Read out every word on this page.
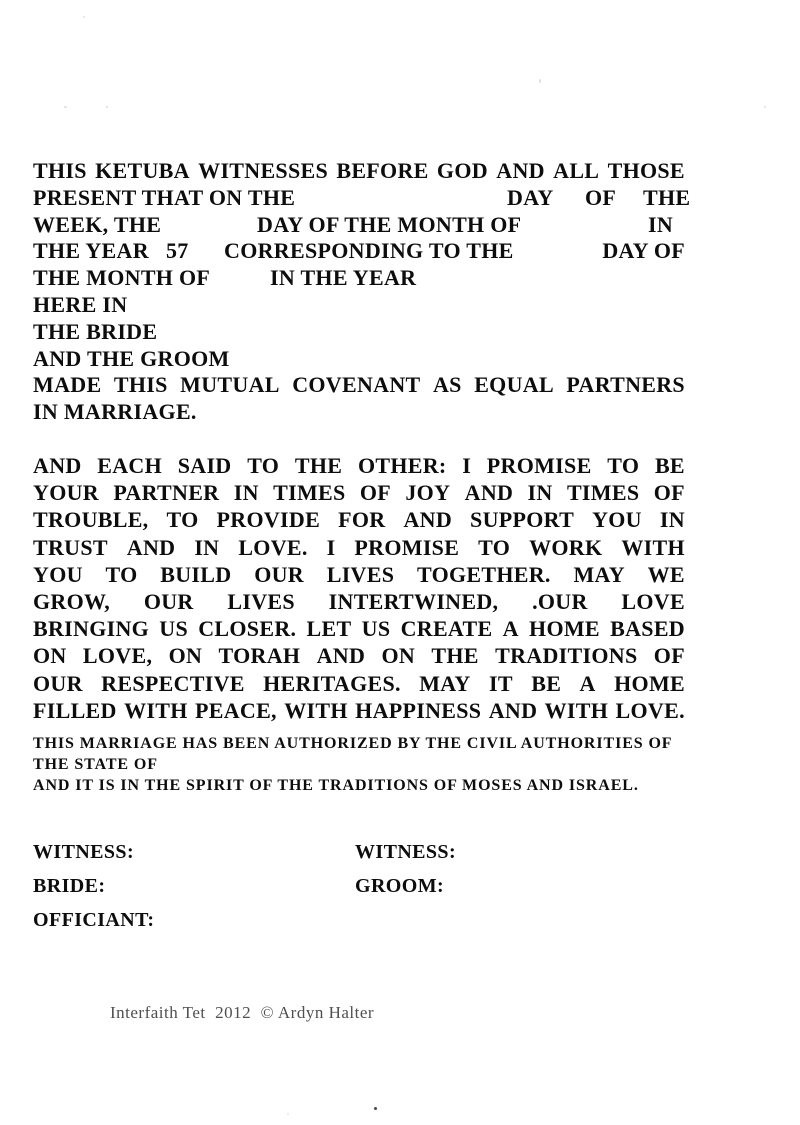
THIS KETUBA WITNESSES BEFORE GOD AND ALL THOSE
PRESENT THAT ON THE	DAY OF THE
WEEK, THE	DAY OF THE MONTH OF	IN
THE YEAR 57 CORRESPONDING TO THE	DAY OF
THE MONTH OF	IN THE YEAR
HERE IN
THE BRIDE
AND THE GROOM
MADE THIS MUTUAL COVENANT AS EQUAL PARTNERS
IN MARRIAGE.
AND EACH SAID TO THE OTHER: I PROMISE TO BE
YOUR PARTNER IN TIMES OF JOY AND IN TIMES OF
TROUBLE, TO PROVIDE FOR AND SUPPORT YOU IN
TRUST AND IN LOVE. I PROMISE TO WORK WITH
YOU TO BUILD OUR LIVES TOGETHER. MAY WE
GROW, OUR LIVES INTERTWINED, .OUR LOVE
BRINGING US CLOSER. LET US CREATE A HOME BASED
ON LOVE, ON TORAH AND ON THE TRADITIONS OF
OUR RESPECTIVE HERITAGES. MAY IT BE A HOME
FILLED WITH PEACE, WITH HAPPINESS AND WITH LOVE.
THIS MARRIAGE HAS BEEN AUTHORIZED BY THE CIVIL AUTHORITIES OF
THE STATE OF
AND IT IS IN THE SPIRIT OF THE TRADITIONS OF MOSES AND ISRAEL.
WITNESS:	WITNESS:
BRIDE:	GROOM:
OFFICIANT:
Interfaith Tet  2012  © Ardyn Halter
